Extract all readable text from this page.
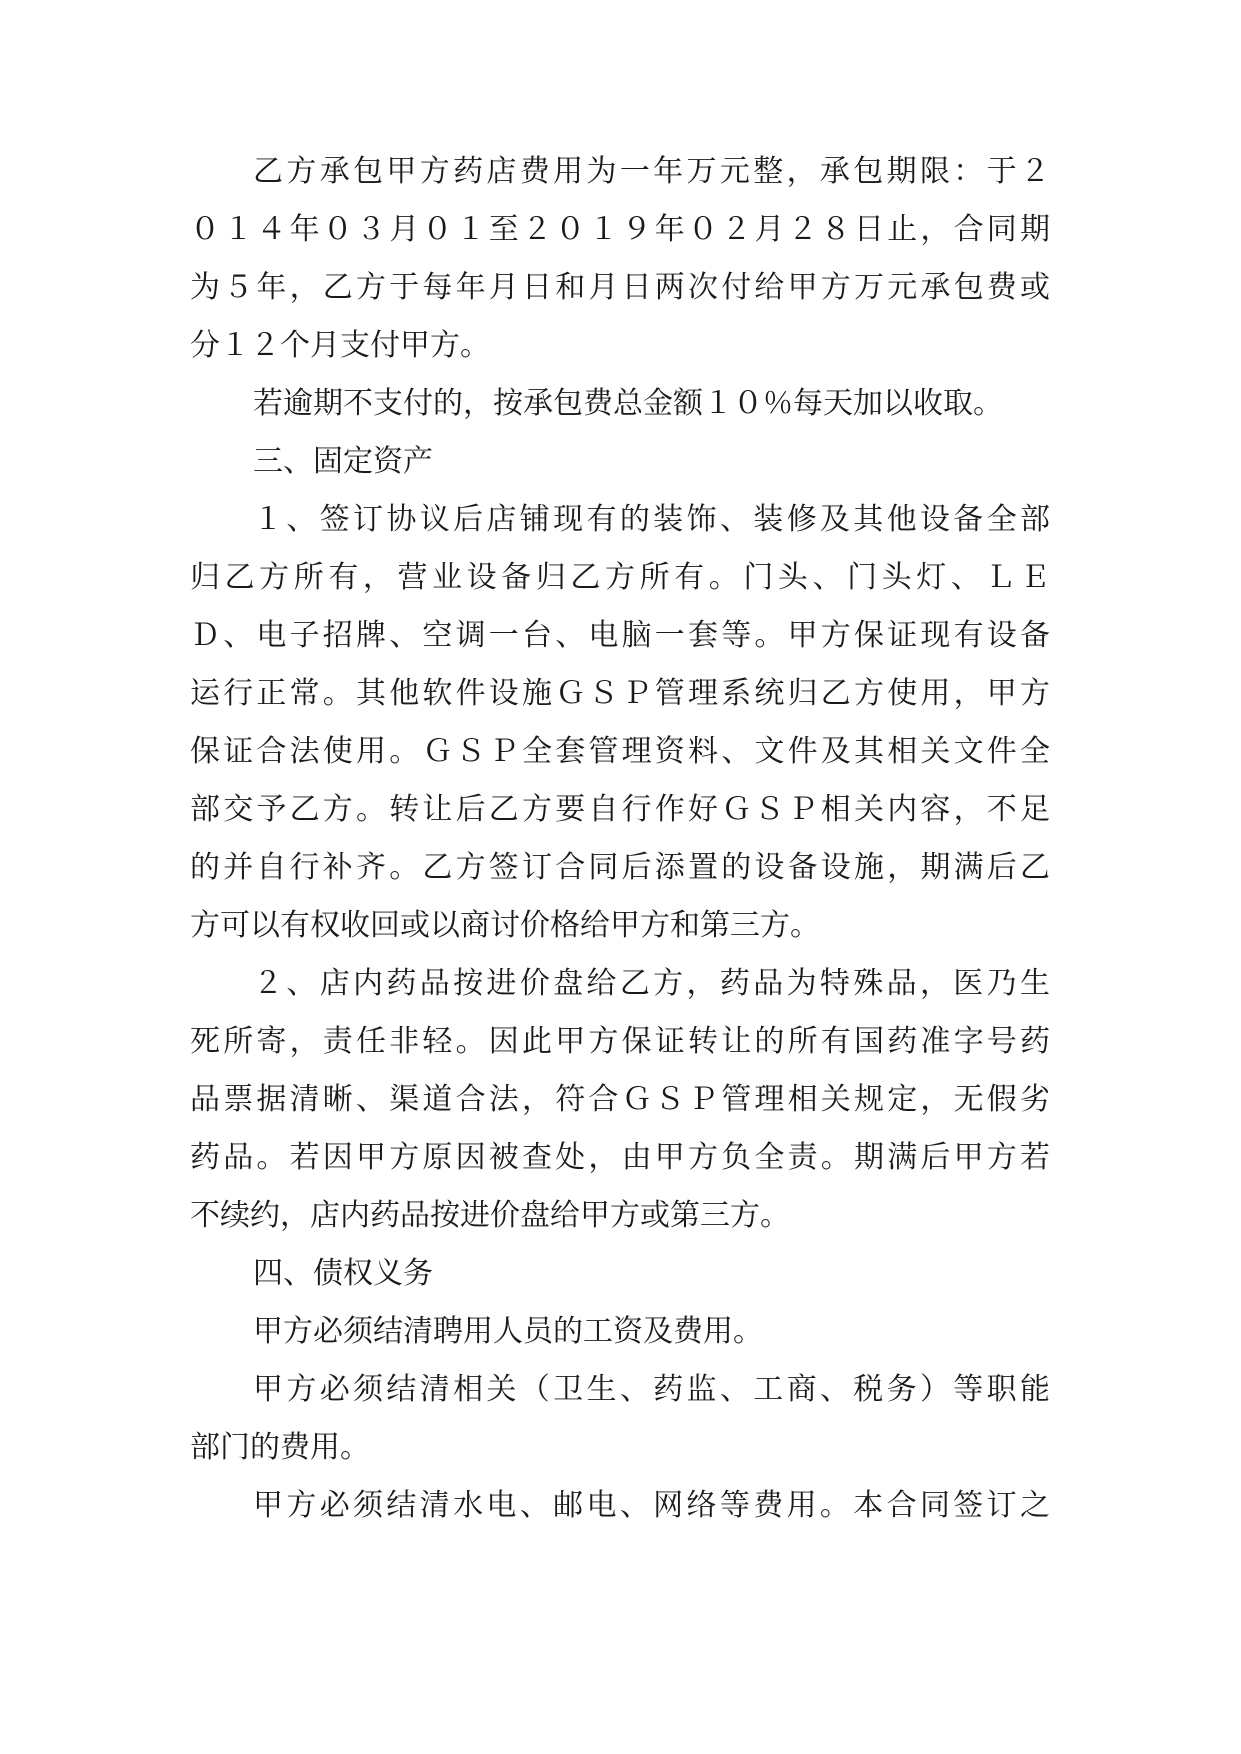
乙方承包甲方药店费用为一年万元整，承包期限：于２
０１４年０３月０１至２０１９年０２月２８日止，合同期
为５年，乙方于每年月日和月日两次付给甲方万元承包费或
分１２个月支付甲方。
若逾期不支付的，按承包费总金额１０％每天加以收取。
三、固定资产
１、签订协议后店铺现有的装饰、装修及其他设备全部
归乙方所有，营业设备归乙方所有。门头、门头灯、ＬＥ
Ｄ、电子招牌、空调一台、电脑一套等。甲方保证现有设备
运行正常。其他软件设施ＧＳＰ管理系统归乙方使用，甲方
保证合法使用。ＧＳＰ全套管理资料、文件及其相关文件全
部交予乙方。转让后乙方要自行作好ＧＳＰ相关内容，不足
的并自行补齐。乙方签订合同后添置的设备设施，期满后乙
方可以有权收回或以商讨价格给甲方和第三方。
２、店内药品按进价盘给乙方，药品为特殊品，医乃生
死所寄，责任非轻。因此甲方保证转让的所有国药准字号药
品票据清晰、渠道合法，符合ＧＳＰ管理相关规定，无假劣
药品。若因甲方原因被查处，由甲方负全责。期满后甲方若
不续约，店内药品按进价盘给甲方或第三方。
四、债权义务
甲方必须结清聘用人员的工资及费用。
甲方必须结清相关（卫生、药监、工商、税务）等职能
部门的费用。
甲方必须结清水电、邮电、网络等费用。本合同签订之
